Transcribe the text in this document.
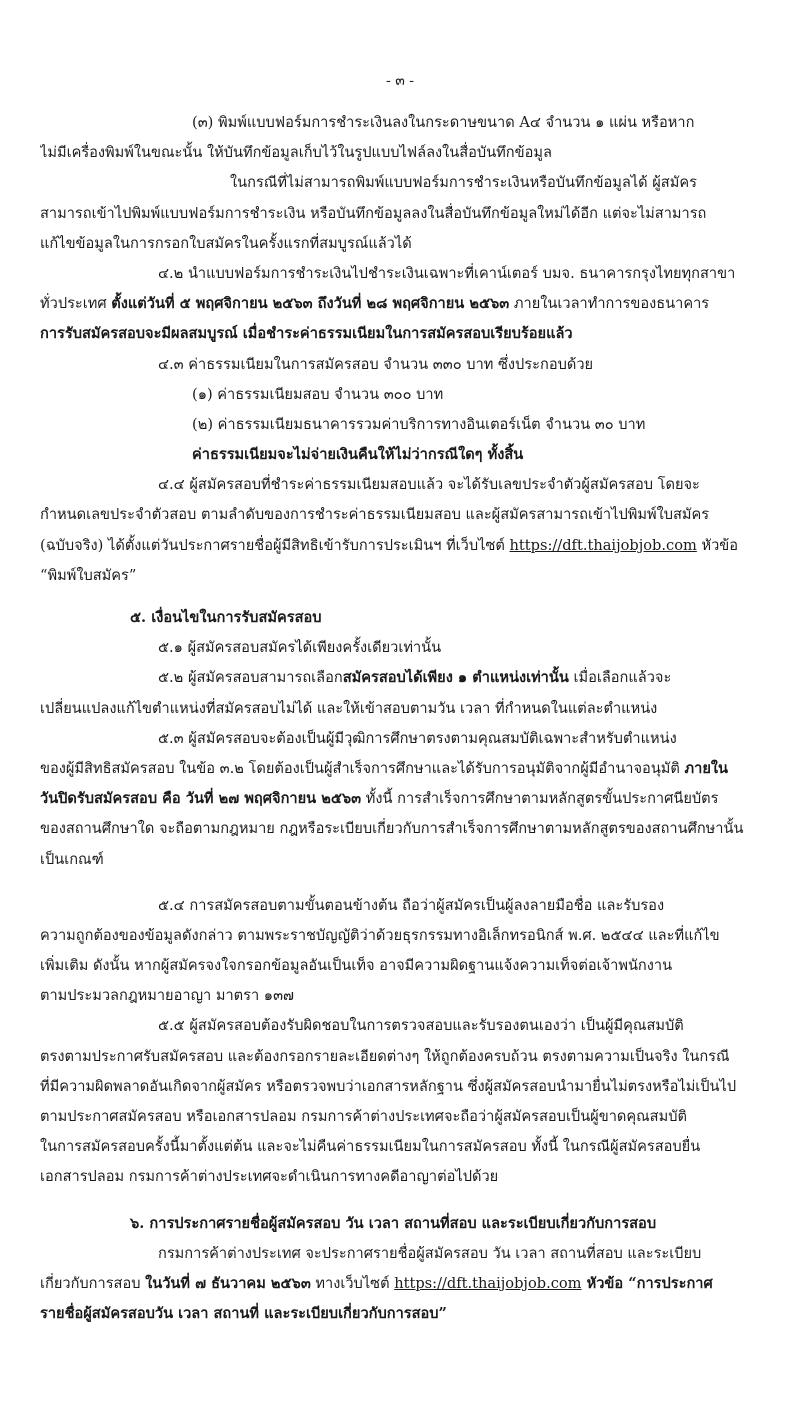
- ๓ -
(๓) พิมพ์แบบฟอร์มการชำระเงินลงในกระดาษขนาด A๔ จำนวน ๑ แผ่น หรือหาก
ไม่มีเครื่องพิมพ์ในขณะนั้น ให้บันทึกข้อมูลเก็บไว้ในรูปแบบไฟล์ลงในสื่อบันทึกข้อมูล
ในกรณีที่ไม่สามารถพิมพ์แบบฟอร์มการชำระเงินหรือบันทึกข้อมูลได้ ผู้สมัคร
สามารถเข้าไปพิมพ์แบบฟอร์มการชำระเงิน หรือบันทึกข้อมูลลงในสื่อบันทึกข้อมูลใหม่ได้อีก แต่จะไม่สามารถ
แก้ไขข้อมูลในการกรอกใบสมัครในครั้งแรกที่สมบูรณ์แล้วได้
๔.๒ นำแบบฟอร์มการชำระเงินไปชำระเงินเฉพาะที่เคาน์เตอร์ บมจ. ธนาคารกรุงไทยทุกสาขา
ทั่วประเทศ ตั้งแต่วันที่ ๕ พฤศจิกายน ๒๕๖๓ ถึงวันที่ ๒๘ พฤศจิกายน ๒๕๖๓ ภายในเวลาทำการของธนาคาร
การรับสมัครสอบจะมีผลสมบูรณ์ เมื่อชำระค่าธรรมเนียมในการสมัครสอบเรียบร้อยแล้ว
๔.๓ ค่าธรรมเนียมในการสมัครสอบ จำนวน ๓๓๐ บาท ซึ่งประกอบด้วย
(๑) ค่าธรรมเนียมสอบ จำนวน ๓๐๐ บาท
(๒) ค่าธรรมเนียมธนาคารรวมค่าบริการทางอินเตอร์เน็ต จำนวน ๓๐ บาท
ค่าธรรมเนียมจะไม่จ่ายเงินคืนให้ไม่ว่ากรณีใดๆ ทั้งสิ้น
๔.๔ ผู้สมัครสอบที่ชำระค่าธรรมเนียมสอบแล้ว จะได้รับเลขประจำตัวผู้สมัครสอบ โดยจะ
กำหนดเลขประจำตัวสอบ ตามลำดับของการชำระค่าธรรมเนียมสอบ และผู้สมัครสามารถเข้าไปพิมพ์ใบสมัคร
(ฉบับจริง) ได้ตั้งแต่วันประกาศรายชื่อผู้มีสิทธิเข้ารับการประเมินฯ ที่เว็บไซต์ https://dft.thaijobjob.com หัวข้อ
“พิมพ์ใบสมัคร”
๕. เงื่อนไขในการรับสมัครสอบ
๕.๑ ผู้สมัครสอบสมัครได้เพียงครั้งเดียวเท่านั้น
๕.๒ ผู้สมัครสอบสามารถเลือกสมัครสอบได้เพียง ๑ ตำแหน่งเท่านั้น เมื่อเลือกแล้วจะ
เปลี่ยนแปลงแก้ไขตำแหน่งที่สมัครสอบไม่ได้ และให้เข้าสอบตามวัน เวลา ที่กำหนดในแต่ละตำแหน่ง
๕.๓ ผู้สมัครสอบจะต้องเป็นผู้มีวุฒิการศึกษาตรงตามคุณสมบัติเฉพาะสำหรับตำแหน่ง
ของผู้มีสิทธิสมัครสอบ ในข้อ ๓.๒ โดยต้องเป็นผู้สำเร็จการศึกษาและได้รับการอนุมัติจากผู้มีอำนาจอนุมัติ ภายใน
วันปิดรับสมัครสอบ คือ วันที่ ๒๗ พฤศจิกายน ๒๕๖๓ ทั้งนี้ การสำเร็จการศึกษาตามหลักสูตรขั้นประกาศนียบัตร
ของสถานศึกษาใด จะถือตามกฎหมาย กฎหรือระเบียบเกี่ยวกับการสำเร็จการศึกษาตามหลักสูตรของสถานศึกษานั้น
เป็นเกณฑ์
๕.๔ การสมัครสอบตามขั้นตอนข้างต้น ถือว่าผู้สมัครเป็นผู้ลงลายมือชื่อ และรับรอง
ความถูกต้องของข้อมูลดังกล่าว ตามพระราชบัญญัติว่าด้วยธุรกรรมทางอิเล็กทรอนิกส์ พ.ศ. ๒๕๔๔ และที่แก้ไข
เพิ่มเติม ดังนั้น หากผู้สมัครจงใจกรอกข้อมูลอันเป็นเท็จ อาจมีความผิดฐานแจ้งความเท็จต่อเจ้าพนักงาน
ตามประมวลกฎหมายอาญา มาตรา ๑๓๗
๕.๕ ผู้สมัครสอบต้องรับผิดชอบในการตรวจสอบและรับรองตนเองว่า เป็นผู้มีคุณสมบัติ
ตรงตามประกาศรับสมัครสอบ และต้องกรอกรายละเอียดต่างๆ ให้ถูกต้องครบถ้วน ตรงตามความเป็นจริง ในกรณี
ที่มีความผิดพลาดอันเกิดจากผู้สมัคร หรือตรวจพบว่าเอกสารหลักฐาน ซึ่งผู้สมัครสอบนำมายื่นไม่ตรงหรือไม่เป็นไป
ตามประกาศสมัครสอบ หรือเอกสารปลอม กรมการค้าต่างประเทศจะถือว่าผู้สมัครสอบเป็นผู้ขาดคุณสมบัติ
ในการสมัครสอบครั้งนี้มาตั้งแต่ต้น และจะไม่คืนค่าธรรมเนียมในการสมัครสอบ ทั้งนี้ ในกรณีผู้สมัครสอบยื่น
เอกสารปลอม กรมการค้าต่างประเทศจะดำเนินการทางคดีอาญาต่อไปด้วย
๖. การประกาศรายชื่อผู้สมัครสอบ วัน เวลา สถานที่สอบ และระเบียบเกี่ยวกับการสอบ
กรมการค้าต่างประเทศ จะประกาศรายชื่อผู้สมัครสอบ วัน เวลา สถานที่สอบ และระเบียบ
เกี่ยวกับการสอบ ในวันที่ ๗ ธันวาคม ๒๕๖๓ ทางเว็บไซต์ https://dft.thaijobjob.com หัวข้อ “การประกาศ
รายชื่อผู้สมัครสอบวัน เวลา สถานที่ และระเบียบเกี่ยวกับการสอบ”
